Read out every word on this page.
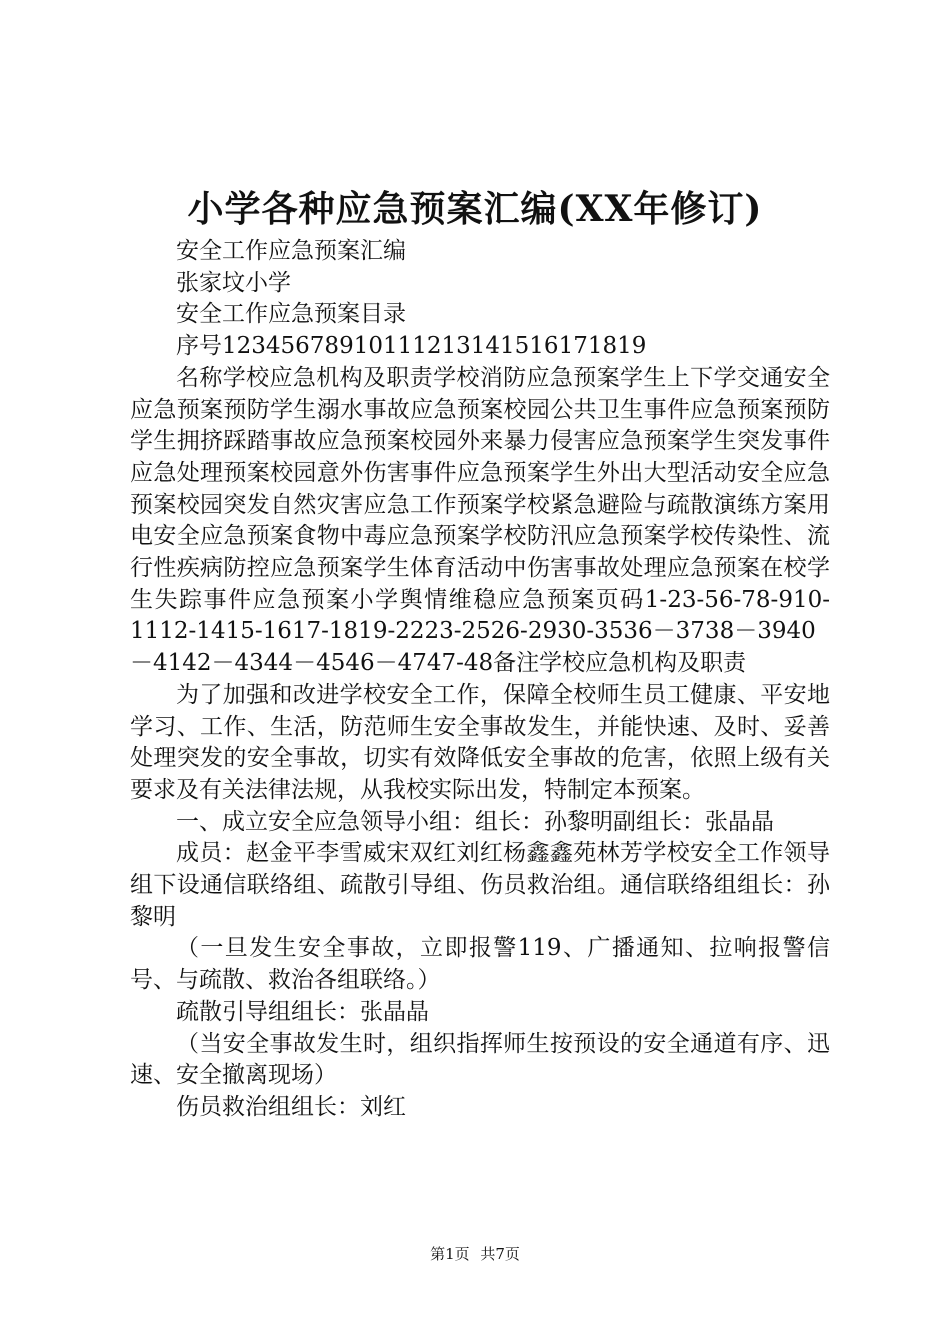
小学各种应急预案汇编(XX年修订)

安全工作应急预案汇编

张家坟小学

安全工作应急预案目录

序号12345678910111213141516171819

名称学校应急机构及职责学校消防应急预案学生上下学交通安全应急预案预防学生溺水事故应急预案校园公共卫生事件应急预案预防学生拥挤踩踏事故应急预案校园外来暴力侵害应急预案学生突发事件应急处理预案校园意外伤害事件应急预案学生外出大型活动安全应急预案校园突发自然灾害应急工作预案学校紧急避险与疏散演练方案用电安全应急预案食物中毒应急预案学校防汛应急预案学校传染性、流行性疾病防控应急预案学生体育活动中伤害事故处理应急预案在校学生失踪事件应急预案小学舆情维稳应急预案页码1-23-56-78-910-1112-1415-1617-1819-2223-2526-2930-3536－3738－3940－4142－4344－4546－4747-48备注学校应急机构及职责

为了加强和改进学校安全工作，保障全校师生员工健康、平安地学习、工作、生活，防范师生安全事故发生，并能快速、及时、妥善处理突发的安全事故，切实有效降低安全事故的危害，依照上级有关要求及有关法律法规，从我校实际出发，特制定本预案。

一、成立安全应急领导小组：组长：孙黎明副组长：张晶晶

成员：赵金平李雪威宋双红刘红杨鑫鑫苑林芳学校安全工作领导组下设通信联络组、疏散引导组、伤员救治组。通信联络组组长：孙黎明

（一旦发生安全事故，立即报警119、广播通知、拉响报警信号、与疏散、救治各组联络。）

疏散引导组组长：张晶晶

（当安全事故发生时，组织指挥师生按预设的安全通道有序、迅速、安全撤离现场）

伤员救治组组长：刘红

第1页 共7页
